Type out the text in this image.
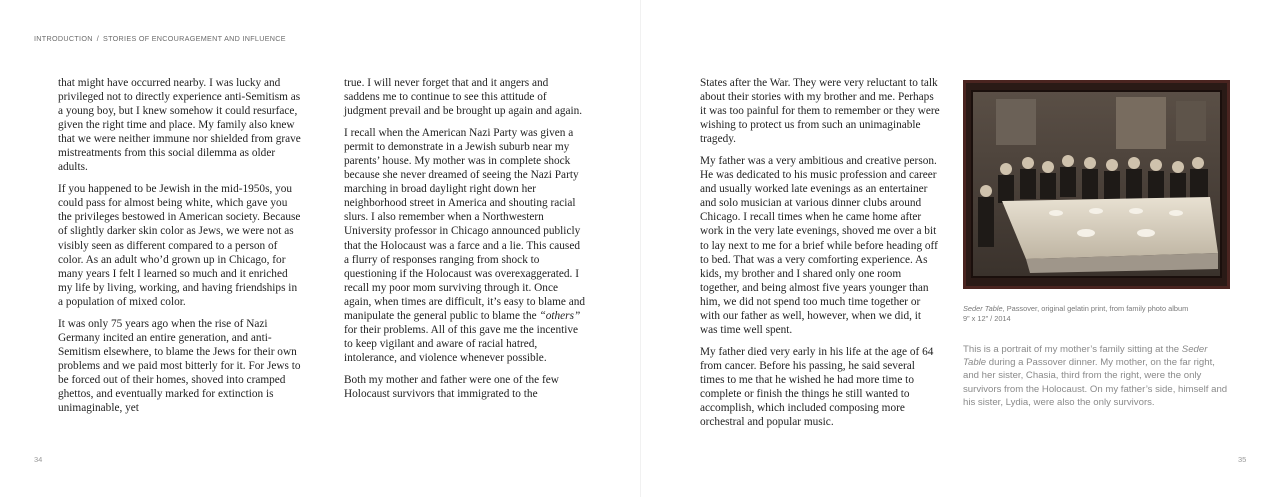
INTRODUCTION / STORIES OF ENCOURAGEMENT AND INFLUENCE

that might have occurred nearby. I was lucky and privileged not to directly experience anti-Semitism as a young boy, but I knew somehow it could resurface, given the right time and place. My family also knew that we were neither immune nor shielded from grave mistreatments from this social dilemma as older adults.

If you happened to be Jewish in the mid-1950s, you could pass for almost being white, which gave you the privileges bestowed in American society. Because of slightly darker skin color as Jews, we were not as visibly seen as different compared to a person of color. As an adult who’d grown up in Chicago, for many years I felt I learned so much and it enriched my life by living, working, and having friendships in a population of mixed color.

It was only 75 years ago when the rise of Nazi Germany incited an entire generation, and anti-Semitism elsewhere, to blame the Jews for their own problems and we paid most bitterly for it. For Jews to be forced out of their homes, shoved into cramped ghettos, and eventually marked for extinction is unimaginable, yet

true. I will never forget that and it angers and saddens me to continue to see this attitude of judgment prevail and be brought up again and again.

I recall when the American Nazi Party was given a permit to demonstrate in a Jewish suburb near my parents’ house. My mother was in complete shock because she never dreamed of seeing the Nazi Party marching in broad daylight right down her neighborhood street in America and shouting racial slurs. I also remember when a Northwestern University professor in Chicago announced publicly that the Holocaust was a farce and a lie. This caused a flurry of responses ranging from shock to questioning if the Holocaust was overexaggerated. I recall my poor mom surviving through it. Once again, when times are difficult, it’s easy to blame and manipulate the general public to blame the “others” for their problems. All of this gave me the incentive to keep vigilant and aware of racial hatred, intolerance, and violence whenever possible.

Both my mother and father were one of the few Holocaust survivors that immigrated to the

States after the War. They were very reluctant to talk about their stories with my brother and me. Perhaps it was too painful for them to remember or they were wishing to protect us from such an unimaginable tragedy.

My father was a very ambitious and creative person. He was dedicated to his music profession and career and usually worked late evenings as an entertainer and solo musician at various dinner clubs around Chicago. I recall times when he came home after work in the very late evenings, shoved me over a bit to lay next to me for a brief while before heading off to bed. That was a very comforting experience. As kids, my brother and I shared only one room together, and being almost five years younger than him, we did not spend too much time together or with our father as well, however, when we did, it was time well spent.

My father died very early in his life at the age of 64 from cancer. Before his passing, he said several times to me that he wished he had more time to complete or finish the things he still wanted to accomplish, which included composing more orchestral and popular music.

Seder Table, Passover, original gelatin print, from family photo album
9” x 12” / 2014
This is a portrait of my mother’s family sitting at the Seder Table during a Passover dinner. My mother, on the far right, and her sister, Chasia, third from the right, were the only survivors from the Holocaust. On my father’s side, himself and his sister, Lydia, were also the only survivors.
34	35
